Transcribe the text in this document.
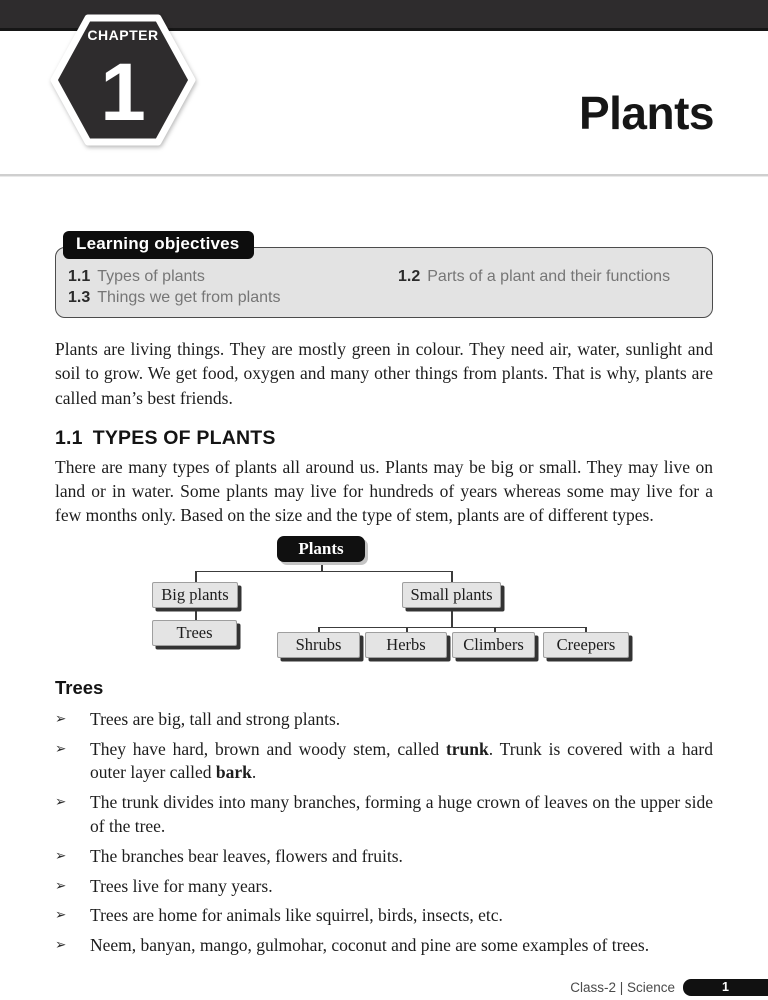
CHAPTER
1	Plants
Learning objectives
1.1 Types of plants	1.2 Parts of a plant and their functions
1.3 Things we get from plants

Plants are living things. They are mostly green in colour. They need air, water, sunlight and soil to grow. We get food, oxygen and many other things from plants. That is why, plants are called man’s best friends.

1.1 TYPES OF PLANTS

There are many types of plants all around us. Plants may be big or small. They may live on land or in water. Some plants may live for hundreds of years whereas some may live for a few months only. Based on the size and the type of stem, plants are of different types.

Plants
Big plants	Small plants
Trees
Shrubs	Herbs	Climbers	Creepers
Trees
➢	Trees are big, tall and strong plants.
➢	They have hard, brown and woody stem, called trunk. Trunk is covered with a hard outer layer called bark.
➢	The trunk divides into many branches, forming a huge crown of leaves on the upper side of the tree.
➢	The branches bear leaves, flowers and fruits.
➢	Trees live for many years.
➢	Trees are home for animals like squirrel, birds, insects, etc.
➢	Neem, banyan, mango, gulmohar, coconut and pine are some examples of trees.
Class-2 | Science	1
